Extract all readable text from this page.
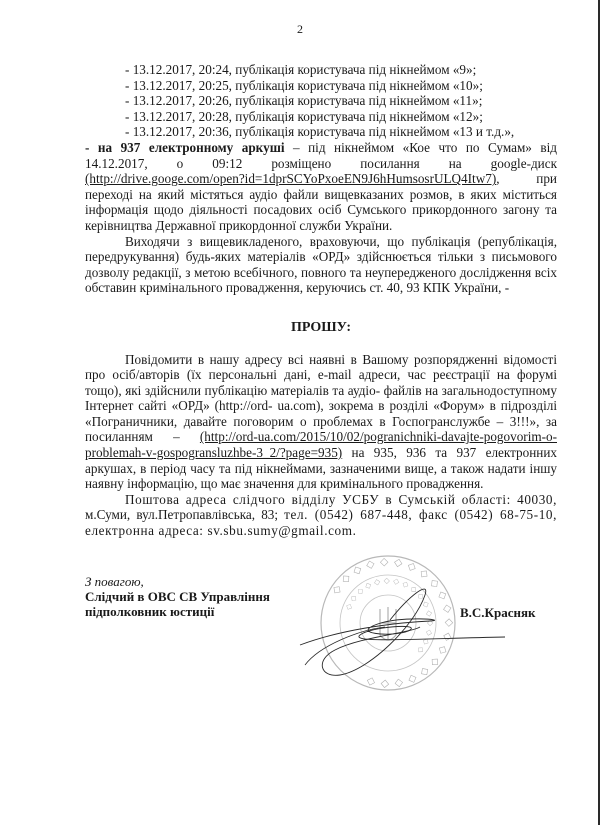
2
- 13.12.2017, 20:24, публікація користувача під нікнеймом «9»;
- 13.12.2017, 20:25, публікація користувача під нікнеймом «10»;
- 13.12.2017, 20:26, публікація користувача під нікнеймом «11»;
- 13.12.2017, 20:28, публікація користувача під нікнеймом «12»;
- 13.12.2017, 20:36, публікація користувача під нікнеймом «13 и т.д.»,

- на 937 електронному аркуші – під нікнеймом «Кое что по Сумам» від 14.12.2017, о 09:12 розміщено посилання на google-диск (http://drive.googe.com/open?id=1dprSCYoPxoeEN9J6hHumsosrULQ4Itw7), при переході на який містяться аудіо файли вищевказаних розмов, в яких міститься інформація щодо діяльності посадових осіб Сумського прикордонного загону та керівництва Державної прикордонної служби України.

Виходячи з вищевикладеного, враховуючи, що публікація (републікація, передрукування) будь-яких матеріалів «ОРД» здійснюється тільки з письмового дозволу редакції, з метою всебічного, повного та неупередженого дослідження всіх обставин кримінального провадження, керуючись ст. 40, 93 КПК України, -

ПРОШУ:

Повідомити в нашу адресу всі наявні в Вашому розпорядженні відомості про осіб/авторів (їх персональні дані, e-mail адреси, час реєстрації на форумі тощо), які здійснили публікацію матеріалів та аудіо- файлів на загальнодоступному Інтернет сайті «ОРД» (http://ord- ua.com), зокрема в розділі «Форум» в підрозділі «Пограничники, давайте поговорим о проблемах в Госпогранслужбе – 3!!!», за посиланням – (http://ord-ua.com/2015/10/02/pogranichniki-davajte-pogovorim-o-problemah-v-gospogransluzhbe-3_2/?page=935) на 935, 936 та 937 електронних аркушах, в період часу та під нікнеймами, зазначеними вище, а також надати іншу наявну інформацію, що має значення для кримінального провадження.

Поштова адреса слідчого відділу УСБУ в Сумській області: 40030, м.Суми, вул.Петропавлівська, 83; тел. (0542) 687-448, факс (0542) 68-75-10, електронна адреса: sv.sbu.sumy@gmail.com.

З повагою,
Слідчий в ОВС СВ Управління
підполковник юстиції	В.С.Красняк
◇◇◇◇◇◇◇◇◇◇◇◇◇◇◇◇◇◇◇◇
◇◇◇◇◇◇◇◇◇◇◇◇◇◇◇◇
